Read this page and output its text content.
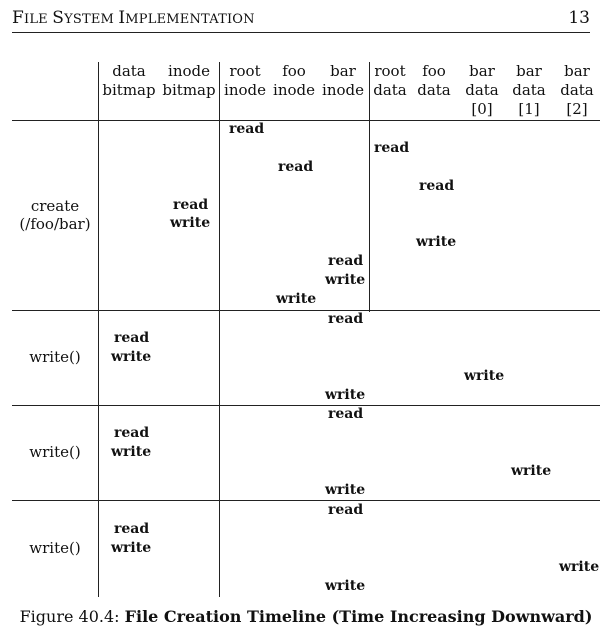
FILE SYSTEM IMPLEMENTATION	13
data
bitmap
inode
bitmap
root
inode
foo
inode
bar
inode
root
data
foo
data
bar
data
[0]
bar
data
[1]
bar
data
[2]
create
(/foo/bar)
write()
write()
write()
read
read
read
read
read
write
write
read
write
write
read
read
write
write
write
read
read
write
write
write
read
read
write
write
write
Figure 40.4: File Creation Timeline (Time Increasing Downward)
